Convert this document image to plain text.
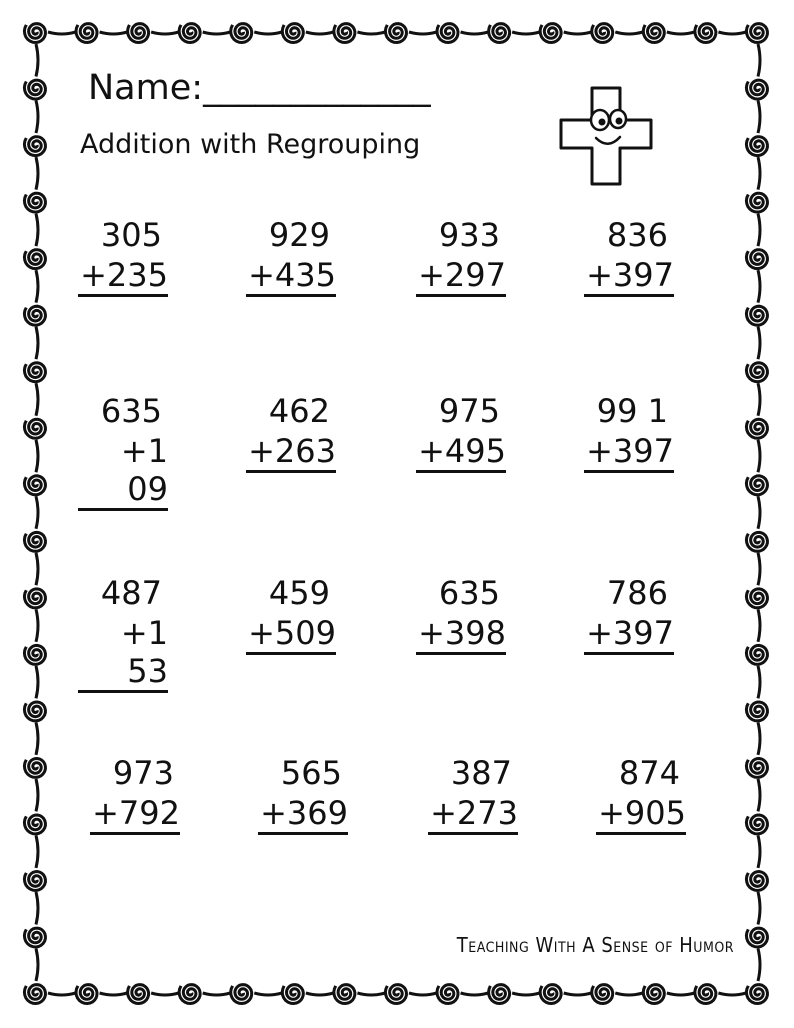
Name:_____________
Addition with Regrouping
305
+235
929
+435
933
+297
836
+397
635
+1 09
462
+263
975
+495
99 1
+397
487
+1 53
459
+509
635
+398
786
+397
973
+792
565
+369
387
+273
874
+905
Teaching With A Sense of Humor
